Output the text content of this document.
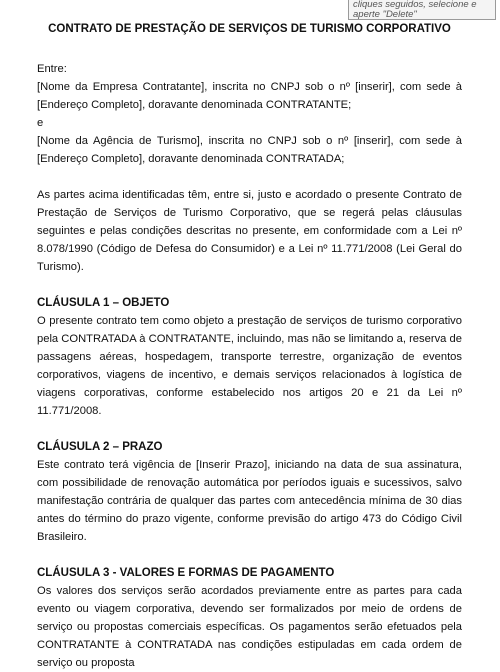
cliques seguidos, selecione e
aperte "Delete"
CONTRATO DE PRESTAÇÃO DE SERVIÇOS DE TURISMO CORPORATIVO

Entre:

[Nome da Empresa Contratante], inscrita no CNPJ sob o nº [inserir], com sede à [Endereço Completo], doravante denominada CONTRATANTE;

e

[Nome da Agência de Turismo], inscrita no CNPJ sob o nº [inserir], com sede à [Endereço Completo], doravante denominada CONTRATADA;

As partes acima identificadas têm, entre si, justo e acordado o presente Contrato de Prestação de Serviços de Turismo Corporativo, que se regerá pelas cláusulas seguintes e pelas condições descritas no presente, em conformidade com a Lei nº 8.078/1990 (Código de Defesa do Consumidor) e a Lei nº 11.771/2008 (Lei Geral do Turismo).

CLÁUSULA 1 – OBJETO

O presente contrato tem como objeto a prestação de serviços de turismo corporativo pela CONTRATADA à CONTRATANTE, incluindo, mas não se limitando a, reserva de passagens aéreas, hospedagem, transporte terrestre, organização de eventos corporativos, viagens de incentivo, e demais serviços relacionados à logística de viagens corporativas, conforme estabelecido nos artigos 20 e 21 da Lei nº 11.771/2008.

CLÁUSULA 2 – PRAZO

Este contrato terá vigência de [Inserir Prazo], iniciando na data de sua assinatura, com possibilidade de renovação automática por períodos iguais e sucessivos, salvo manifestação contrária de qualquer das partes com antecedência mínima de 30 dias antes do término do prazo vigente, conforme previsão do artigo 473 do Código Civil Brasileiro.

CLÁUSULA 3 - VALORES E FORMAS DE PAGAMENTO

Os valores dos serviços serão acordados previamente entre as partes para cada evento ou viagem corporativa, devendo ser formalizados por meio de ordens de serviço ou propostas comerciais específicas. Os pagamentos serão efetuados pela CONTRATANTE à CONTRATADA nas condições estipuladas em cada ordem de serviço ou proposta
